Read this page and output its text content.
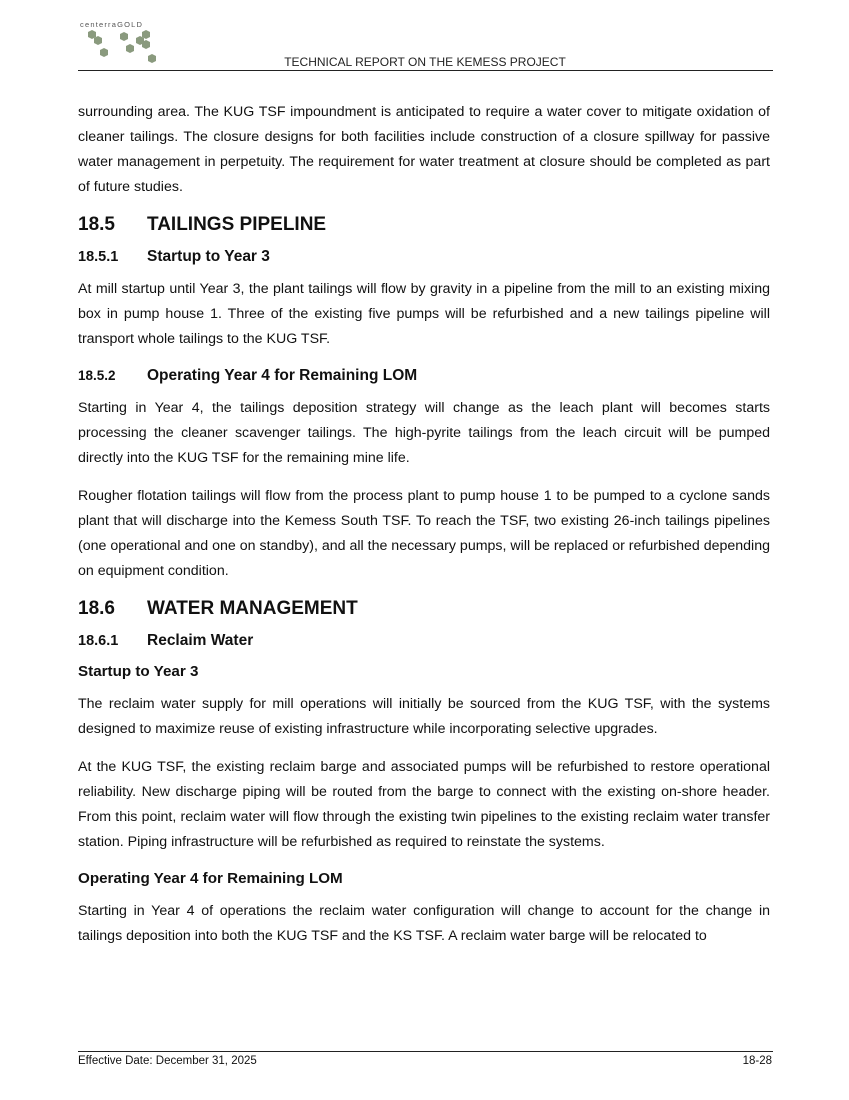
centerraGOLD
TECHNICAL REPORT ON THE KEMESS PROJECT

surrounding area. The KUG TSF impoundment is anticipated to require a water cover to mitigate oxidation of cleaner tailings. The closure designs for both facilities include construction of a closure spillway for passive water management in perpetuity. The requirement for water treatment at closure should be completed as part of future studies.

18.5 TAILINGS PIPELINE
18.5.1 Startup to Year 3

At mill startup until Year 3, the plant tailings will flow by gravity in a pipeline from the mill to an existing mixing box in pump house 1. Three of the existing five pumps will be refurbished and a new tailings pipeline will transport whole tailings to the KUG TSF.

18.5.2 Operating Year 4 for Remaining LOM

Starting in Year 4, the tailings deposition strategy will change as the leach plant will becomes starts processing the cleaner scavenger tailings. The high-pyrite tailings from the leach circuit will be pumped directly into the KUG TSF for the remaining mine life.

Rougher flotation tailings will flow from the process plant to pump house 1 to be pumped to a cyclone sands plant that will discharge into the Kemess South TSF. To reach the TSF, two existing 26-inch tailings pipelines (one operational and one on standby), and all the necessary pumps, will be replaced or refurbished depending on equipment condition.

18.6 WATER MANAGEMENT
18.6.1 Reclaim Water
Startup to Year 3

The reclaim water supply for mill operations will initially be sourced from the KUG TSF, with the systems designed to maximize reuse of existing infrastructure while incorporating selective upgrades.

At the KUG TSF, the existing reclaim barge and associated pumps will be refurbished to restore operational reliability. New discharge piping will be routed from the barge to connect with the existing on-shore header. From this point, reclaim water will flow through the existing twin pipelines to the existing reclaim water transfer station. Piping infrastructure will be refurbished as required to reinstate the systems.

Operating Year 4 for Remaining LOM

Starting in Year 4 of operations the reclaim water configuration will change to account for the change in tailings deposition into both the KUG TSF and the KS TSF. A reclaim water barge will be relocated to

Effective Date: December 31, 2025	18-28
